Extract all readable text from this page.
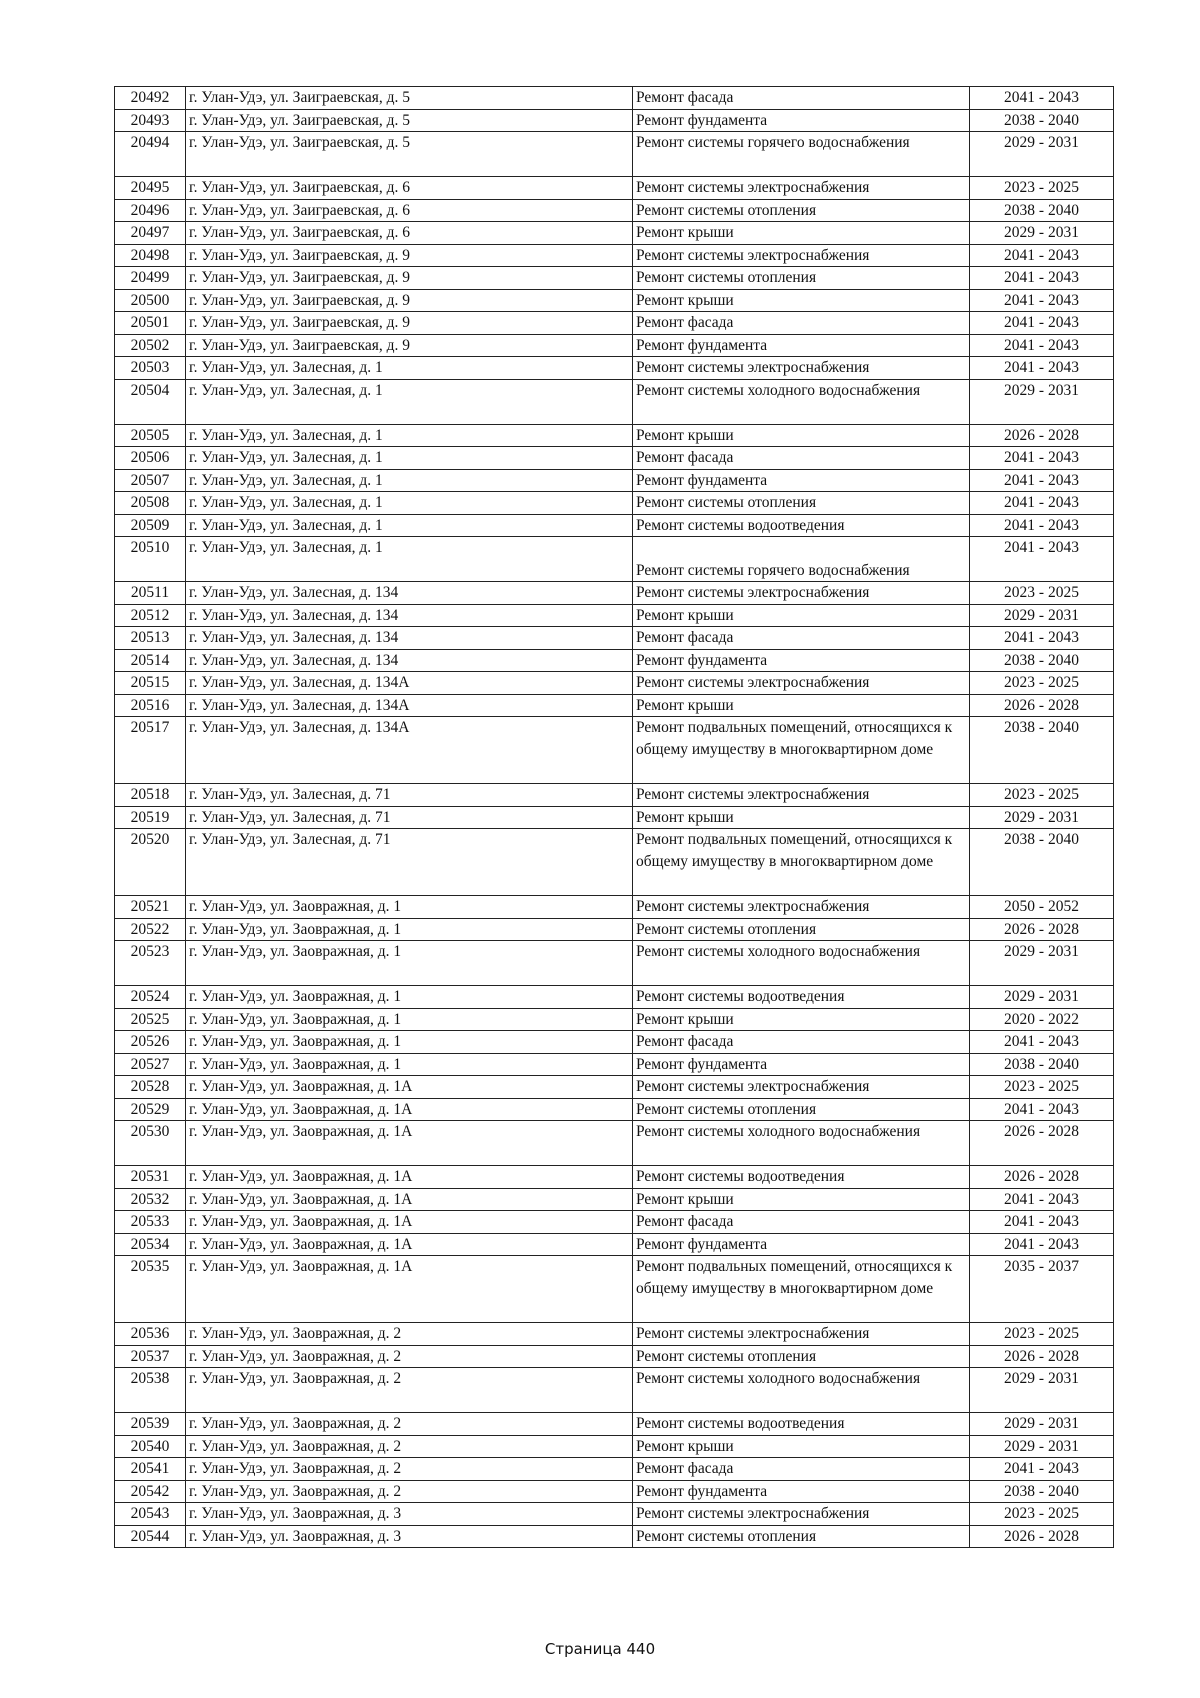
20492	г. Улан-Удэ, ул. Заиграевская, д. 5	Ремонт фасада	2041 - 2043
20493	г. Улан-Удэ, ул. Заиграевская, д. 5	Ремонт фундамента	2038 - 2040
20494	г. Улан-Удэ, ул. Заиграевская, д. 5	Ремонт системы горячего водоснабжения	2029 - 2031
20495	г. Улан-Удэ, ул. Заиграевская, д. 6	Ремонт системы электроснабжения	2023 - 2025
20496	г. Улан-Удэ, ул. Заиграевская, д. 6	Ремонт системы отопления	2038 - 2040
20497	г. Улан-Удэ, ул. Заиграевская, д. 6	Ремонт крыши	2029 - 2031
20498	г. Улан-Удэ, ул. Заиграевская, д. 9	Ремонт системы электроснабжения	2041 - 2043
20499	г. Улан-Удэ, ул. Заиграевская, д. 9	Ремонт системы отопления	2041 - 2043
20500	г. Улан-Удэ, ул. Заиграевская, д. 9	Ремонт крыши	2041 - 2043
20501	г. Улан-Удэ, ул. Заиграевская, д. 9	Ремонт фасада	2041 - 2043
20502	г. Улан-Удэ, ул. Заиграевская, д. 9	Ремонт фундамента	2041 - 2043
20503	г. Улан-Удэ, ул. Залесная, д. 1	Ремонт системы электроснабжения	2041 - 2043
20504	г. Улан-Удэ, ул. Залесная, д. 1	Ремонт системы холодного водоснабжения	2029 - 2031
20505	г. Улан-Удэ, ул. Залесная, д. 1	Ремонт крыши	2026 - 2028
20506	г. Улан-Удэ, ул. Залесная, д. 1	Ремонт фасада	2041 - 2043
20507	г. Улан-Удэ, ул. Залесная, д. 1	Ремонт фундамента	2041 - 2043
20508	г. Улан-Удэ, ул. Залесная, д. 1	Ремонт системы отопления	2041 - 2043
20509	г. Улан-Удэ, ул. Залесная, д. 1	Ремонт системы водоотведения	2041 - 2043
20510	г. Улан-Удэ, ул. Залесная, д. 1	Ремонт системы горячего водоснабжения	2041 - 2043
20511	г. Улан-Удэ, ул. Залесная, д. 134	Ремонт системы электроснабжения	2023 - 2025
20512	г. Улан-Удэ, ул. Залесная, д. 134	Ремонт крыши	2029 - 2031
20513	г. Улан-Удэ, ул. Залесная, д. 134	Ремонт фасада	2041 - 2043
20514	г. Улан-Удэ, ул. Залесная, д. 134	Ремонт фундамента	2038 - 2040
20515	г. Улан-Удэ, ул. Залесная, д. 134А	Ремонт системы электроснабжения	2023 - 2025
20516	г. Улан-Удэ, ул. Залесная, д. 134А	Ремонт крыши	2026 - 2028
20517	г. Улан-Удэ, ул. Залесная, д. 134А	Ремонт подвальных помещений, относящихся к общему имуществу в многоквартирном доме	2038 - 2040
20518	г. Улан-Удэ, ул. Залесная, д. 71	Ремонт системы электроснабжения	2023 - 2025
20519	г. Улан-Удэ, ул. Залесная, д. 71	Ремонт крыши	2029 - 2031
20520	г. Улан-Удэ, ул. Залесная, д. 71	Ремонт подвальных помещений, относящихся к общему имуществу в многоквартирном доме	2038 - 2040
20521	г. Улан-Удэ, ул. Заовражная, д. 1	Ремонт системы электроснабжения	2050 - 2052
20522	г. Улан-Удэ, ул. Заовражная, д. 1	Ремонт системы отопления	2026 - 2028
20523	г. Улан-Удэ, ул. Заовражная, д. 1	Ремонт системы холодного водоснабжения	2029 - 2031
20524	г. Улан-Удэ, ул. Заовражная, д. 1	Ремонт системы водоотведения	2029 - 2031
20525	г. Улан-Удэ, ул. Заовражная, д. 1	Ремонт крыши	2020 - 2022
20526	г. Улан-Удэ, ул. Заовражная, д. 1	Ремонт фасада	2041 - 2043
20527	г. Улан-Удэ, ул. Заовражная, д. 1	Ремонт фундамента	2038 - 2040
20528	г. Улан-Удэ, ул. Заовражная, д. 1А	Ремонт системы электроснабжения	2023 - 2025
20529	г. Улан-Удэ, ул. Заовражная, д. 1А	Ремонт системы отопления	2041 - 2043
20530	г. Улан-Удэ, ул. Заовражная, д. 1А	Ремонт системы холодного водоснабжения	2026 - 2028
20531	г. Улан-Удэ, ул. Заовражная, д. 1А	Ремонт системы водоотведения	2026 - 2028
20532	г. Улан-Удэ, ул. Заовражная, д. 1А	Ремонт крыши	2041 - 2043
20533	г. Улан-Удэ, ул. Заовражная, д. 1А	Ремонт фасада	2041 - 2043
20534	г. Улан-Удэ, ул. Заовражная, д. 1А	Ремонт фундамента	2041 - 2043
20535	г. Улан-Удэ, ул. Заовражная, д. 1А	Ремонт подвальных помещений, относящихся к общему имуществу в многоквартирном доме	2035 - 2037
20536	г. Улан-Удэ, ул. Заовражная, д. 2	Ремонт системы электроснабжения	2023 - 2025
20537	г. Улан-Удэ, ул. Заовражная, д. 2	Ремонт системы отопления	2026 - 2028
20538	г. Улан-Удэ, ул. Заовражная, д. 2	Ремонт системы холодного водоснабжения	2029 - 2031
20539	г. Улан-Удэ, ул. Заовражная, д. 2	Ремонт системы водоотведения	2029 - 2031
20540	г. Улан-Удэ, ул. Заовражная, д. 2	Ремонт крыши	2029 - 2031
20541	г. Улан-Удэ, ул. Заовражная, д. 2	Ремонт фасада	2041 - 2043
20542	г. Улан-Удэ, ул. Заовражная, д. 2	Ремонт фундамента	2038 - 2040
20543	г. Улан-Удэ, ул. Заовражная, д. 3	Ремонт системы электроснабжения	2023 - 2025
20544	г. Улан-Удэ, ул. Заовражная, д. 3	Ремонт системы отопления	2026 - 2028
Страница 440
